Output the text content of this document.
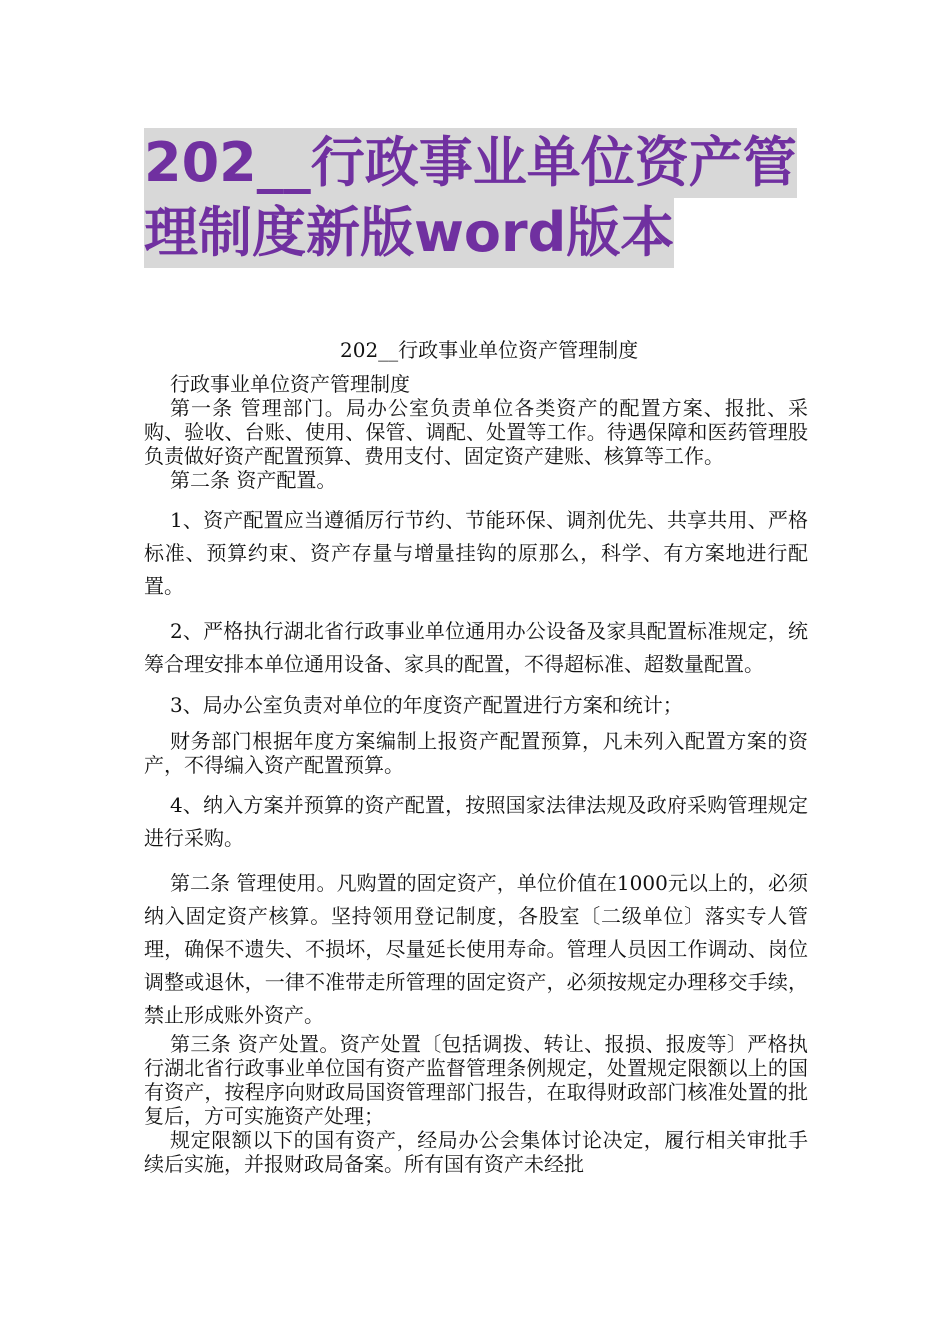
202__行政事业单位资产管
理制度新版word版本
202__行政事业单位资产管理制度

行政事业单位资产管理制度

第一条 管理部门。局办公室负责单位各类资产的配置方案、报批、采购、验收、台账、使用、保管、调配、处置等工作。待遇保障和医药管理股负责做好资产配置预算、费用支付、固定资产建账、核算等工作。

第二条 资产配置。

1、资产配置应当遵循厉行节约、节能环保、调剂优先、共享共用、严格标准、预算约束、资产存量与增量挂钩的原那么，科学、有方案地进行配置。

2、严格执行湖北省行政事业单位通用办公设备及家具配置标准规定，统筹合理安排本单位通用设备、家具的配置，不得超标准、超数量配置。

3、局办公室负责对单位的年度资产配置进行方案和统计；

财务部门根据年度方案编制上报资产配置预算，凡未列入配置方案的资产，不得编入资产配置预算。

4、纳入方案并预算的资产配置，按照国家法律法规及政府采购管理规定进行采购。

第二条 管理使用。凡购置的固定资产，单位价值在1000元以上的，必须纳入固定资产核算。坚持领用登记制度，各股室〔二级单位〕落实专人管理，确保不遗失、不损坏，尽量延长使用寿命。管理人员因工作调动、岗位调整或退休，一律不准带走所管理的固定资产，必须按规定办理移交手续，禁止形成账外资产。

第三条 资产处置。资产处置〔包括调拨、转让、报损、报废等〕严格执行湖北省行政事业单位国有资产监督管理条例规定，处置规定限额以上的国有资产，按程序向财政局国资管理部门报告，在取得财政部门核准处置的批复后，方可实施资产处理；

规定限额以下的国有资产，经局办公会集体讨论决定，履行相关审批手续后实施，并报财政局备案。所有国有资产未经批
